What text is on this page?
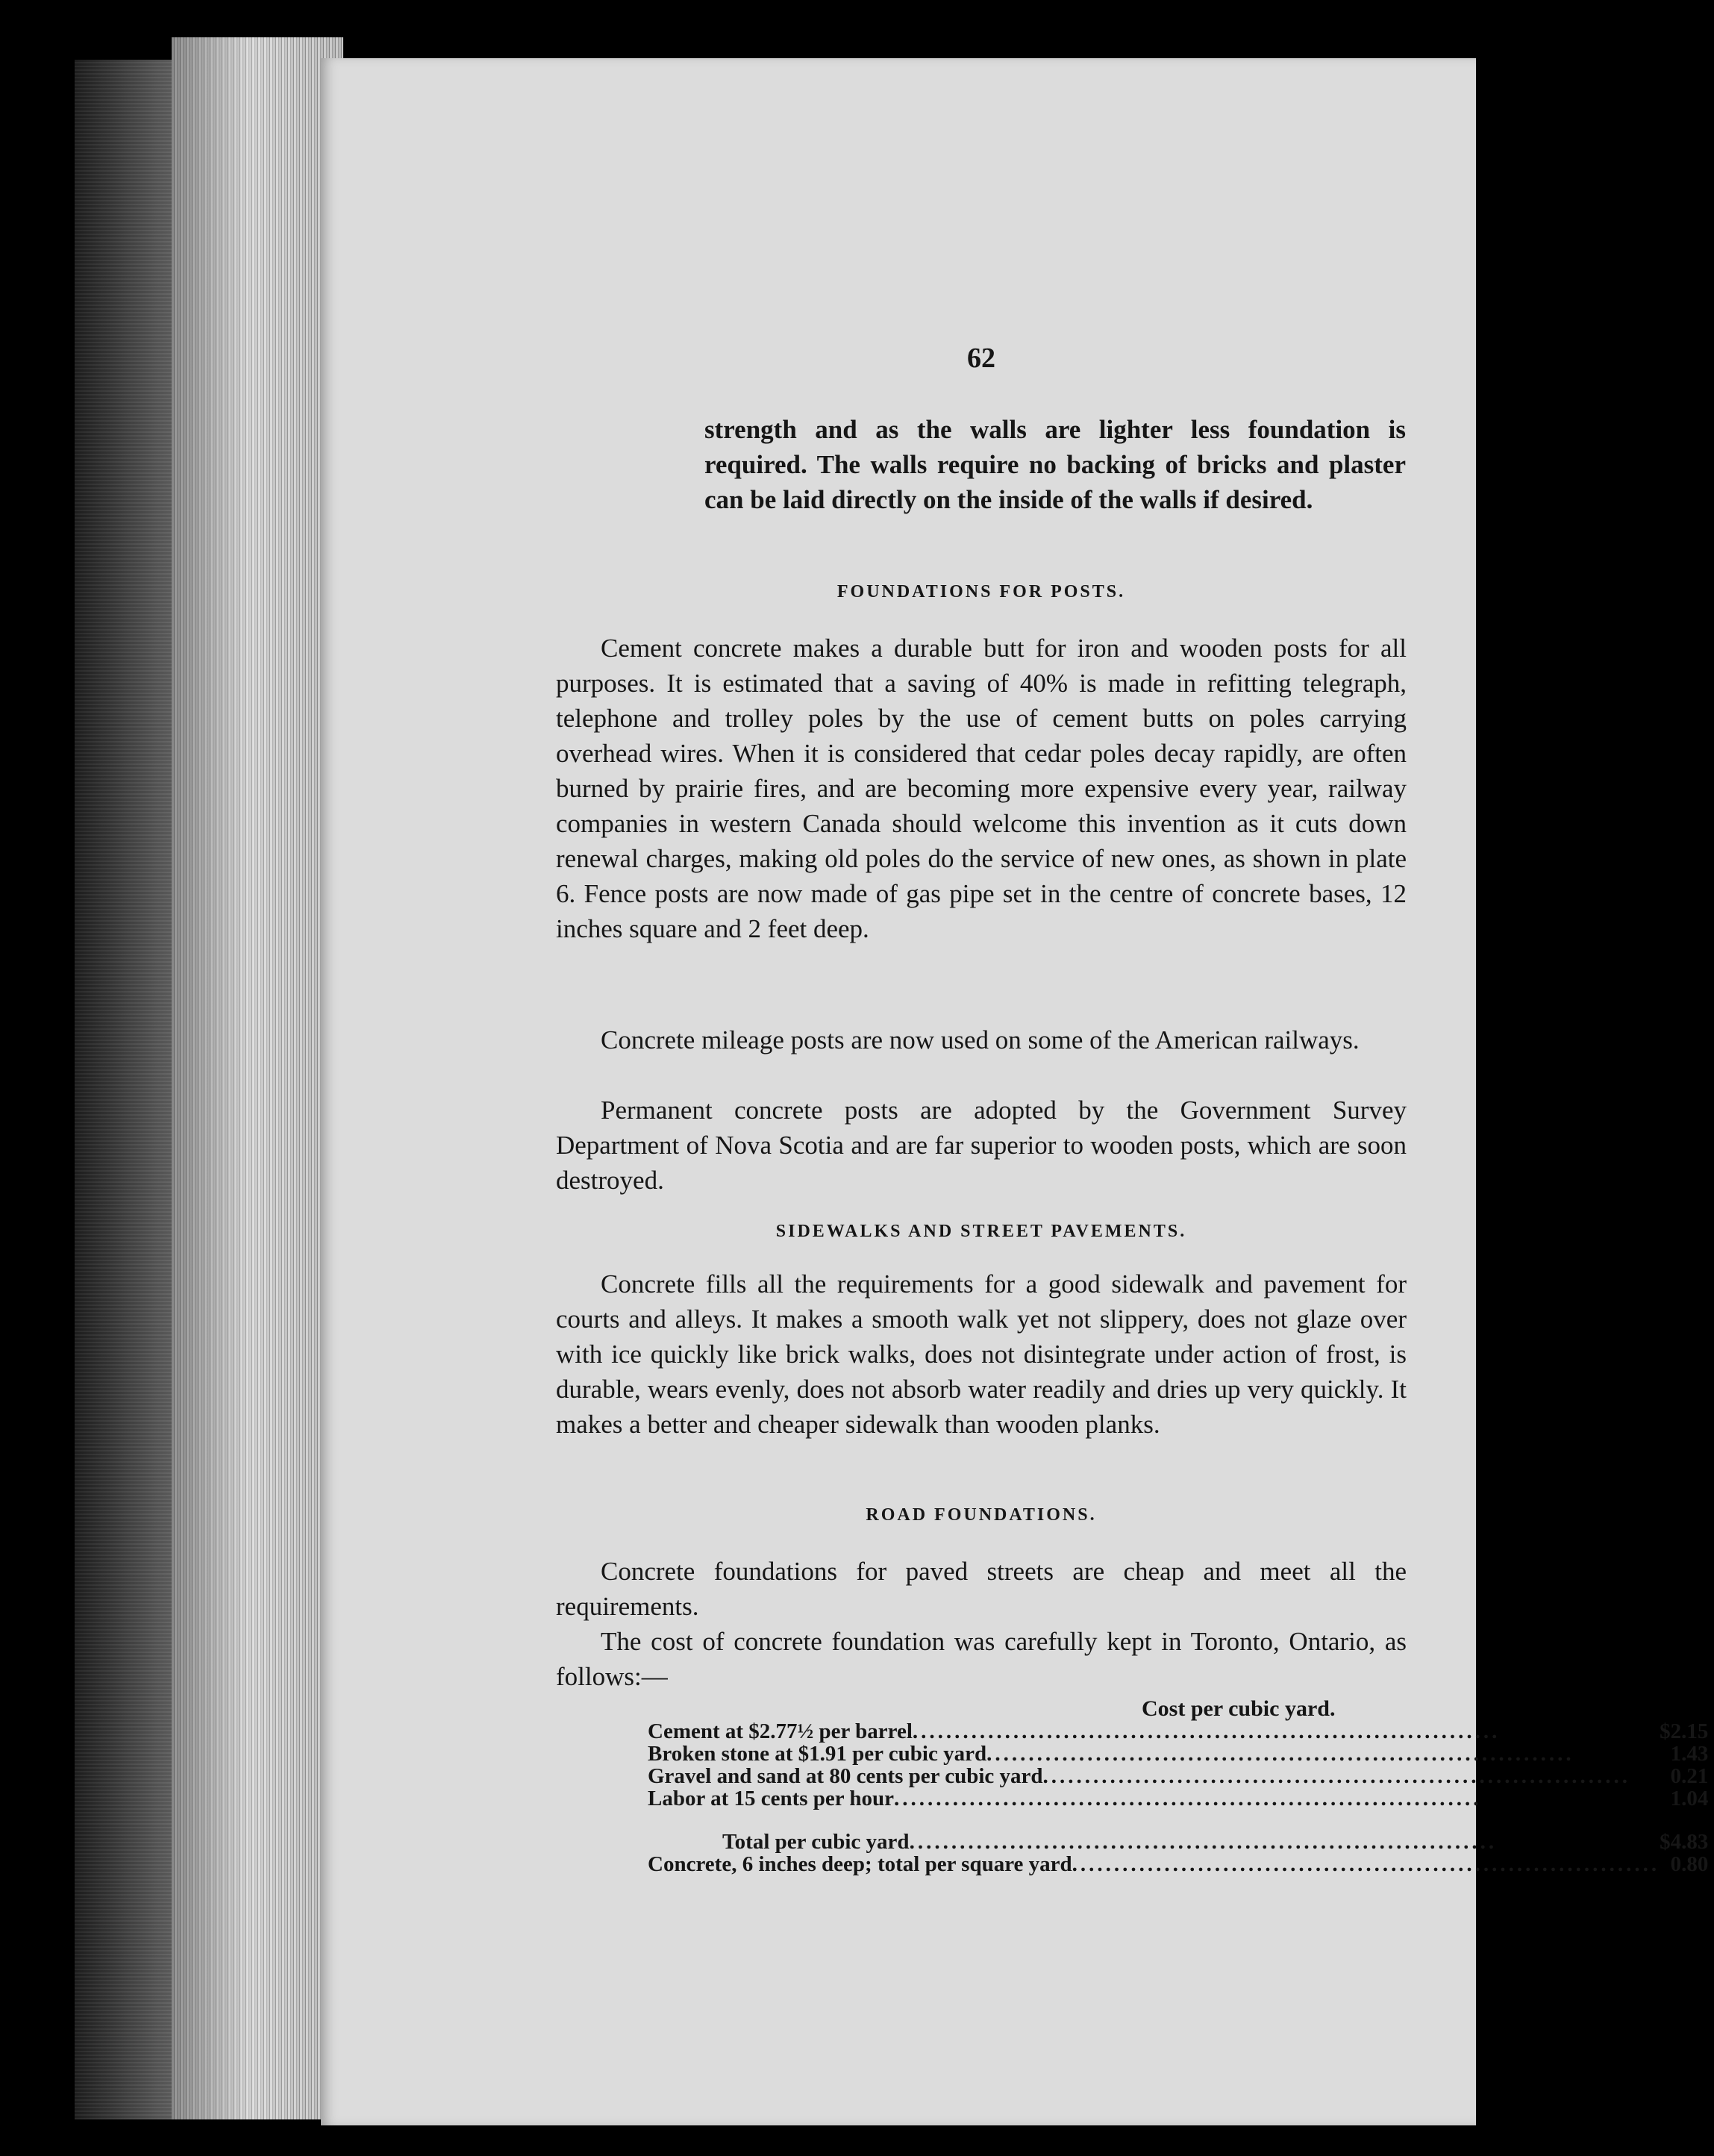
62

strength and as the walls are lighter less foundation is required. The walls require no backing of bricks and plaster can be laid directly on the inside of the walls if desired.

FOUNDATIONS FOR POSTS.

Cement concrete makes a durable butt for iron and wooden posts for all purposes. It is estimated that a saving of 40% is made in refitting telegraph, telephone and trolley poles by the use of cement butts on poles carrying overhead wires. When it is considered that cedar poles decay rapidly, are often burned by prairie fires, and are becoming more expensive every year, railway companies in western Canada should welcome this invention as it cuts down renewal charges, making old poles do the service of new ones, as shown in plate 6. Fence posts are now made of gas pipe set in the centre of concrete bases, 12 inches square and 2 feet deep.

Concrete mileage posts are now used on some of the American railways.

Permanent concrete posts are adopted by the Government Survey Department of Nova Scotia and are far superior to wooden posts, which are soon destroyed.

SIDEWALKS AND STREET PAVEMENTS.

Concrete fills all the requirements for a good sidewalk and pavement for courts and alleys. It makes a smooth walk yet not slippery, does not glaze over with ice quickly like brick walks, does not disintegrate under action of frost, is durable, wears evenly, does not absorb water readily and dries up very quickly. It makes a better and cheaper sidewalk than wooden planks.

ROAD FOUNDATIONS.

Concrete foundations for paved streets are cheap and meet all the requirements.

The cost of concrete foundation was carefully kept in Toronto, Ontario, as follows:—

Cost per cubic yard.
Cement at $2.77½ per barrel......................................................................	$2.15
Broken stone at $1.91 per cubic yard......................................................................	1.43
Gravel and sand at 80 cents per cubic yard......................................................................	0.21
Labor at 15 cents per hour......................................................................	1.04

Total per cubic yard......................................................................	$4.83
Concrete, 6 inches deep; total per square yard......................................................................	0.80
